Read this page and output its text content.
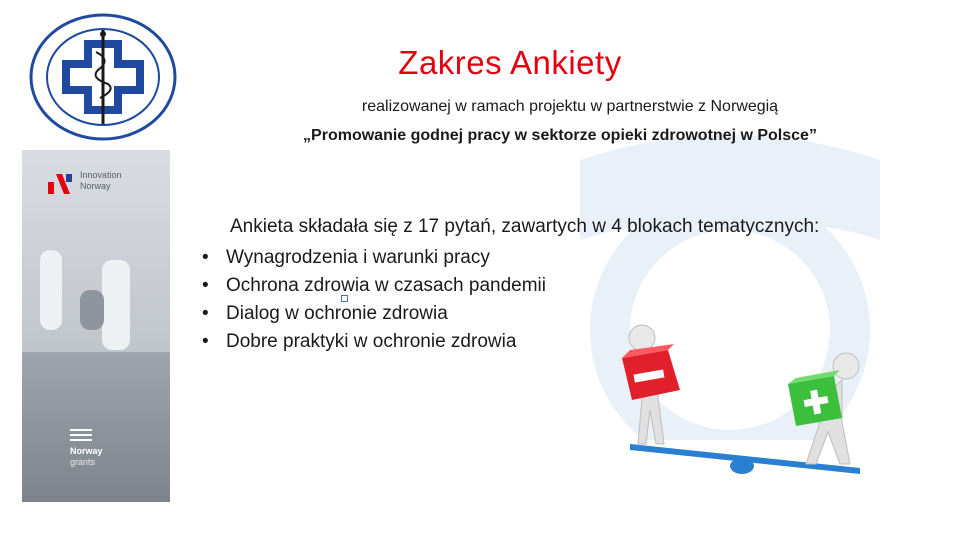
Zakres Ankiety
realizowanej w ramach projektu w partnerstwie z Norwegią
„Promowanie godnej pracy w sektorze opieki zdrowotnej w Polsce”
Innovation
Norway
Norway
grants
Ankieta składała się z 17 pytań, zawartych w 4 blokach tematycznych:
• Wynagrodzenia i warunki pracy
• Ochrona zdrowia w czasach pandemii
• Dialog w ochronie zdrowia
• Dobre praktyki w ochronie zdrowia
